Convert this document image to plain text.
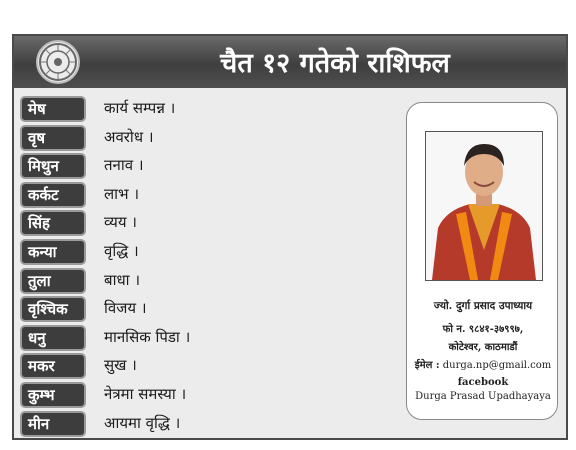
चैत १२ गतेको राशिफल
मेष	कार्य सम्पन्न ।
वृष	अवरोध ।
मिथुन	तनाव ।
कर्कट	लाभ ।
सिंह	व्यय ।
कन्या	वृद्धि ।
तुला	बाधा ।
वृश्चिक	विजय ।
धनु	मानसिक पिडा ।
मकर	सुख ।
कुम्भ	नेत्रमा समस्या ।
मीन	आयमा वृद्धि ।
ज्यो. दुर्गा प्रसाद उपाध्याय
फो न. ९८४१-३७९९७,
कोटेश्वर, काठमाडौं
ईमेल : durga.np@gmail.com
facebook
Durga Prasad Upadhayaya
